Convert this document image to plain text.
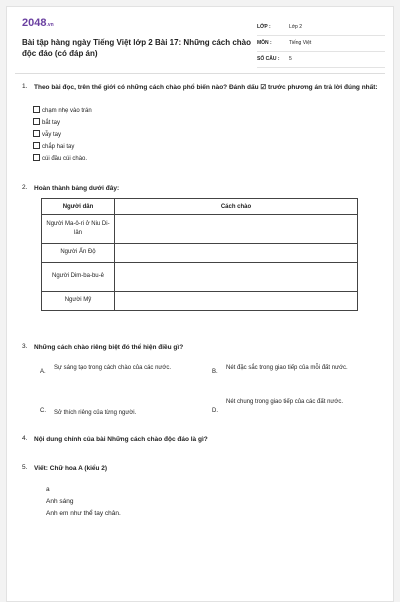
2048.vn
Bài tập hàng ngày Tiếng Việt lớp 2 Bài 17: Những cách chào độc đáo (có đáp án)
LỚP :	Lớp 2
MÔN :	Tiếng Việt
SỐ CÂU : 5
1. Theo bài đọc, trên thế giới có những cách chào phổ biến nào? Đánh dấu ☑ trước phương án trả lời đúng nhất:
chạm nhẹ vào trán
bắt tay
vẫy tay
chắp hai tay
cúi đầu cúi chào.
2. Hoàn thành bảng dưới đây:
Người dân	Cách chào
Người Ma-ô-ri ở Niu Di-lân	
Người Ấn Độ	
Người Dim-ba-bu-ê	
Người Mỹ	
3. Những cách chào riêng biệt đó thể hiện điều gì?
A.
Sự sáng tạo trong cách chào của các nước.
B.
Nét đặc sắc trong giao tiếp của mỗi đất nước.
C. Sở thích riêng của từng người.	D.
Nét chung trong giao tiếp của các đất nước.
4. Nội dung chính của bài Những cách chào độc đáo là gì?
5. Viết: Chữ hoa A (kiểu 2)
a
Anh sáng
Anh em như thể tay chân.
